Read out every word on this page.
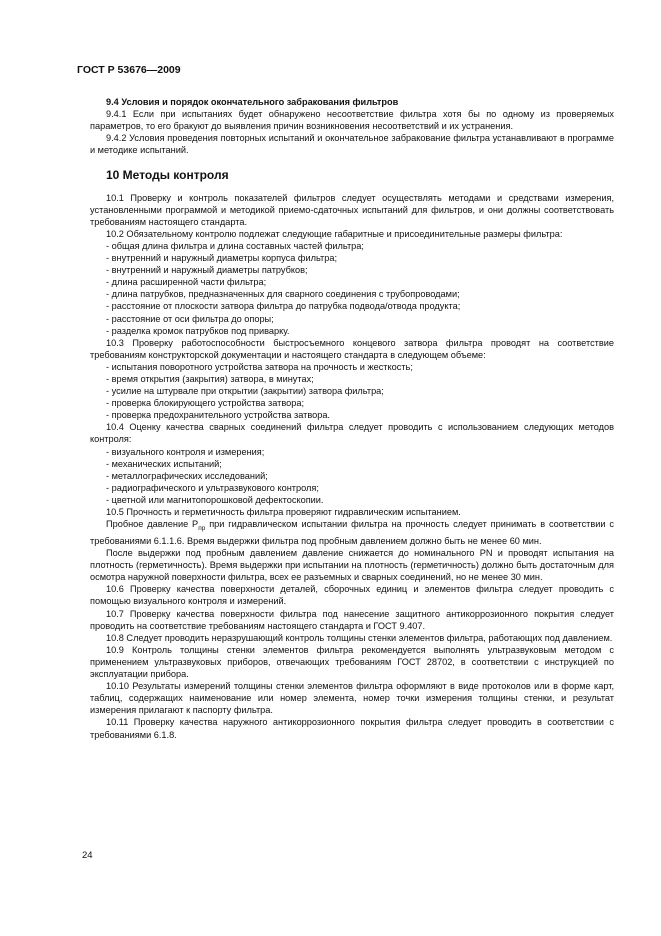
ГОСТ Р 53676—2009

9.4 Условия и порядок окончательного забракования фильтров

9.4.1 Если при испытаниях будет обнаружено несоответствие фильтра хотя бы по одному из проверяемых параметров, то его бракуют до выявления причин возникновения несоответствий и их устранения.

9.4.2 Условия проведения повторных испытаний и окончательное забракование фильтра устанавливают в программе и методике испытаний.

10 Методы контроля

10.1 Проверку и контроль показателей фильтров следует осуществлять методами и средствами измерения, установленными программой и методикой приемо-сдаточных испытаний для фильтров, и они должны соответствовать требованиям настоящего стандарта.

10.2 Обязательному контролю подлежат следующие габаритные и присоединительные размеры фильтра:

- общая длина фильтра и длина составных частей фильтра;
- внутренний и наружный диаметры корпуса фильтра;
- внутренний и наружный диаметры патрубков;
- длина расширенной части фильтра;
- длина патрубков, предназначенных для сварного соединения с трубопроводами;
- расстояние от плоскости затвора фильтра до патрубка подвода/отвода продукта;
- расстояние от оси фильтра до опоры;
- разделка кромок патрубков под приварку.

10.3 Проверку работоспособности быстросъемного концевого затвора фильтра проводят на соответствие требованиям конструкторской документации и настоящего стандарта в следующем объеме:

- испытания поворотного устройства затвора на прочность и жесткость;
- время открытия (закрытия) затвора, в минутах;
- усилие на штурвале при открытии (закрытии) затвора фильтра;
- проверка блокирующего устройства затвора;
- проверка предохранительного устройства затвора.

10.4 Оценку качества сварных соединений фильтра следует проводить с использованием следующих методов контроля:

- визуального контроля и измерения;
- механических испытаний;
- металлографических исследований;
- радиографического и ультразвукового контроля;
- цветной или магнитопорошковой дефектоскопии.

10.5 Прочность и герметичность фильтра проверяют гидравлическим испытанием.

Пробное давление $P_{пр}$ при гидравлическом испытании фильтра на прочность следует принимать в соответствии с требованиями 6.1.1.6. Время выдержки фильтра под пробным давлением должно быть не менее 60 мин.

После выдержки под пробным давлением давление снижается до номинального PN и проводят испытания на плотность (герметичность). Время выдержки при испытании на плотность (герметичность) должно быть достаточным для осмотра наружной поверхности фильтра, всех ее разъемных и сварных соединений, но не менее 30 мин.

10.6 Проверку качества поверхности деталей, сборочных единиц и элементов фильтра следует проводить с помощью визуального контроля и измерений.

10.7 Проверку качества поверхности фильтра под нанесение защитного антикоррозионного покрытия следует проводить на соответствие требованиям настоящего стандарта и ГОСТ 9.407.

10.8 Следует проводить неразрушающий контроль толщины стенки элементов фильтра, работающих под давлением.

10.9 Контроль толщины стенки элементов фильтра рекомендуется выполнять ультразвуковым методом с применением ультразвуковых приборов, отвечающих требованиям ГОСТ 28702, в соответствии с инструкцией по эксплуатации прибора.

10.10 Результаты измерений толщины стенки элементов фильтра оформляют в виде протоколов или в форме карт, таблиц, содержащих наименование или номер элемента, номер точки измерения толщины стенки, и результат измерения прилагают к паспорту фильтра.

10.11 Проверку качества наружного антикоррозионного покрытия фильтра следует проводить в соответствии с требованиями 6.1.8.

24
